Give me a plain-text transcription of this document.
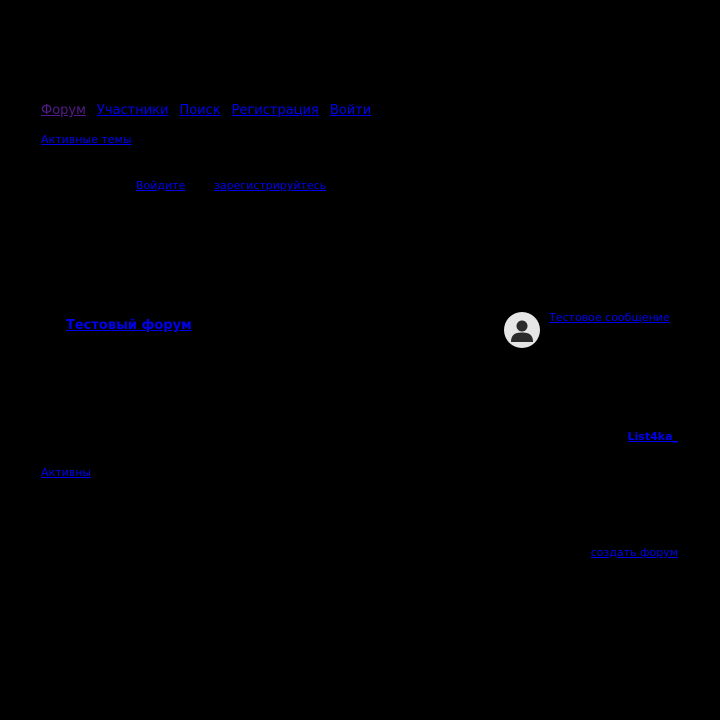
Форум Участники Поиск Регистрация Войти
Активные темы
Войдите	зарегистрируйтесь
Тестовый форум
Тестовое сообщение
List4ka_
Активны
создать форум
